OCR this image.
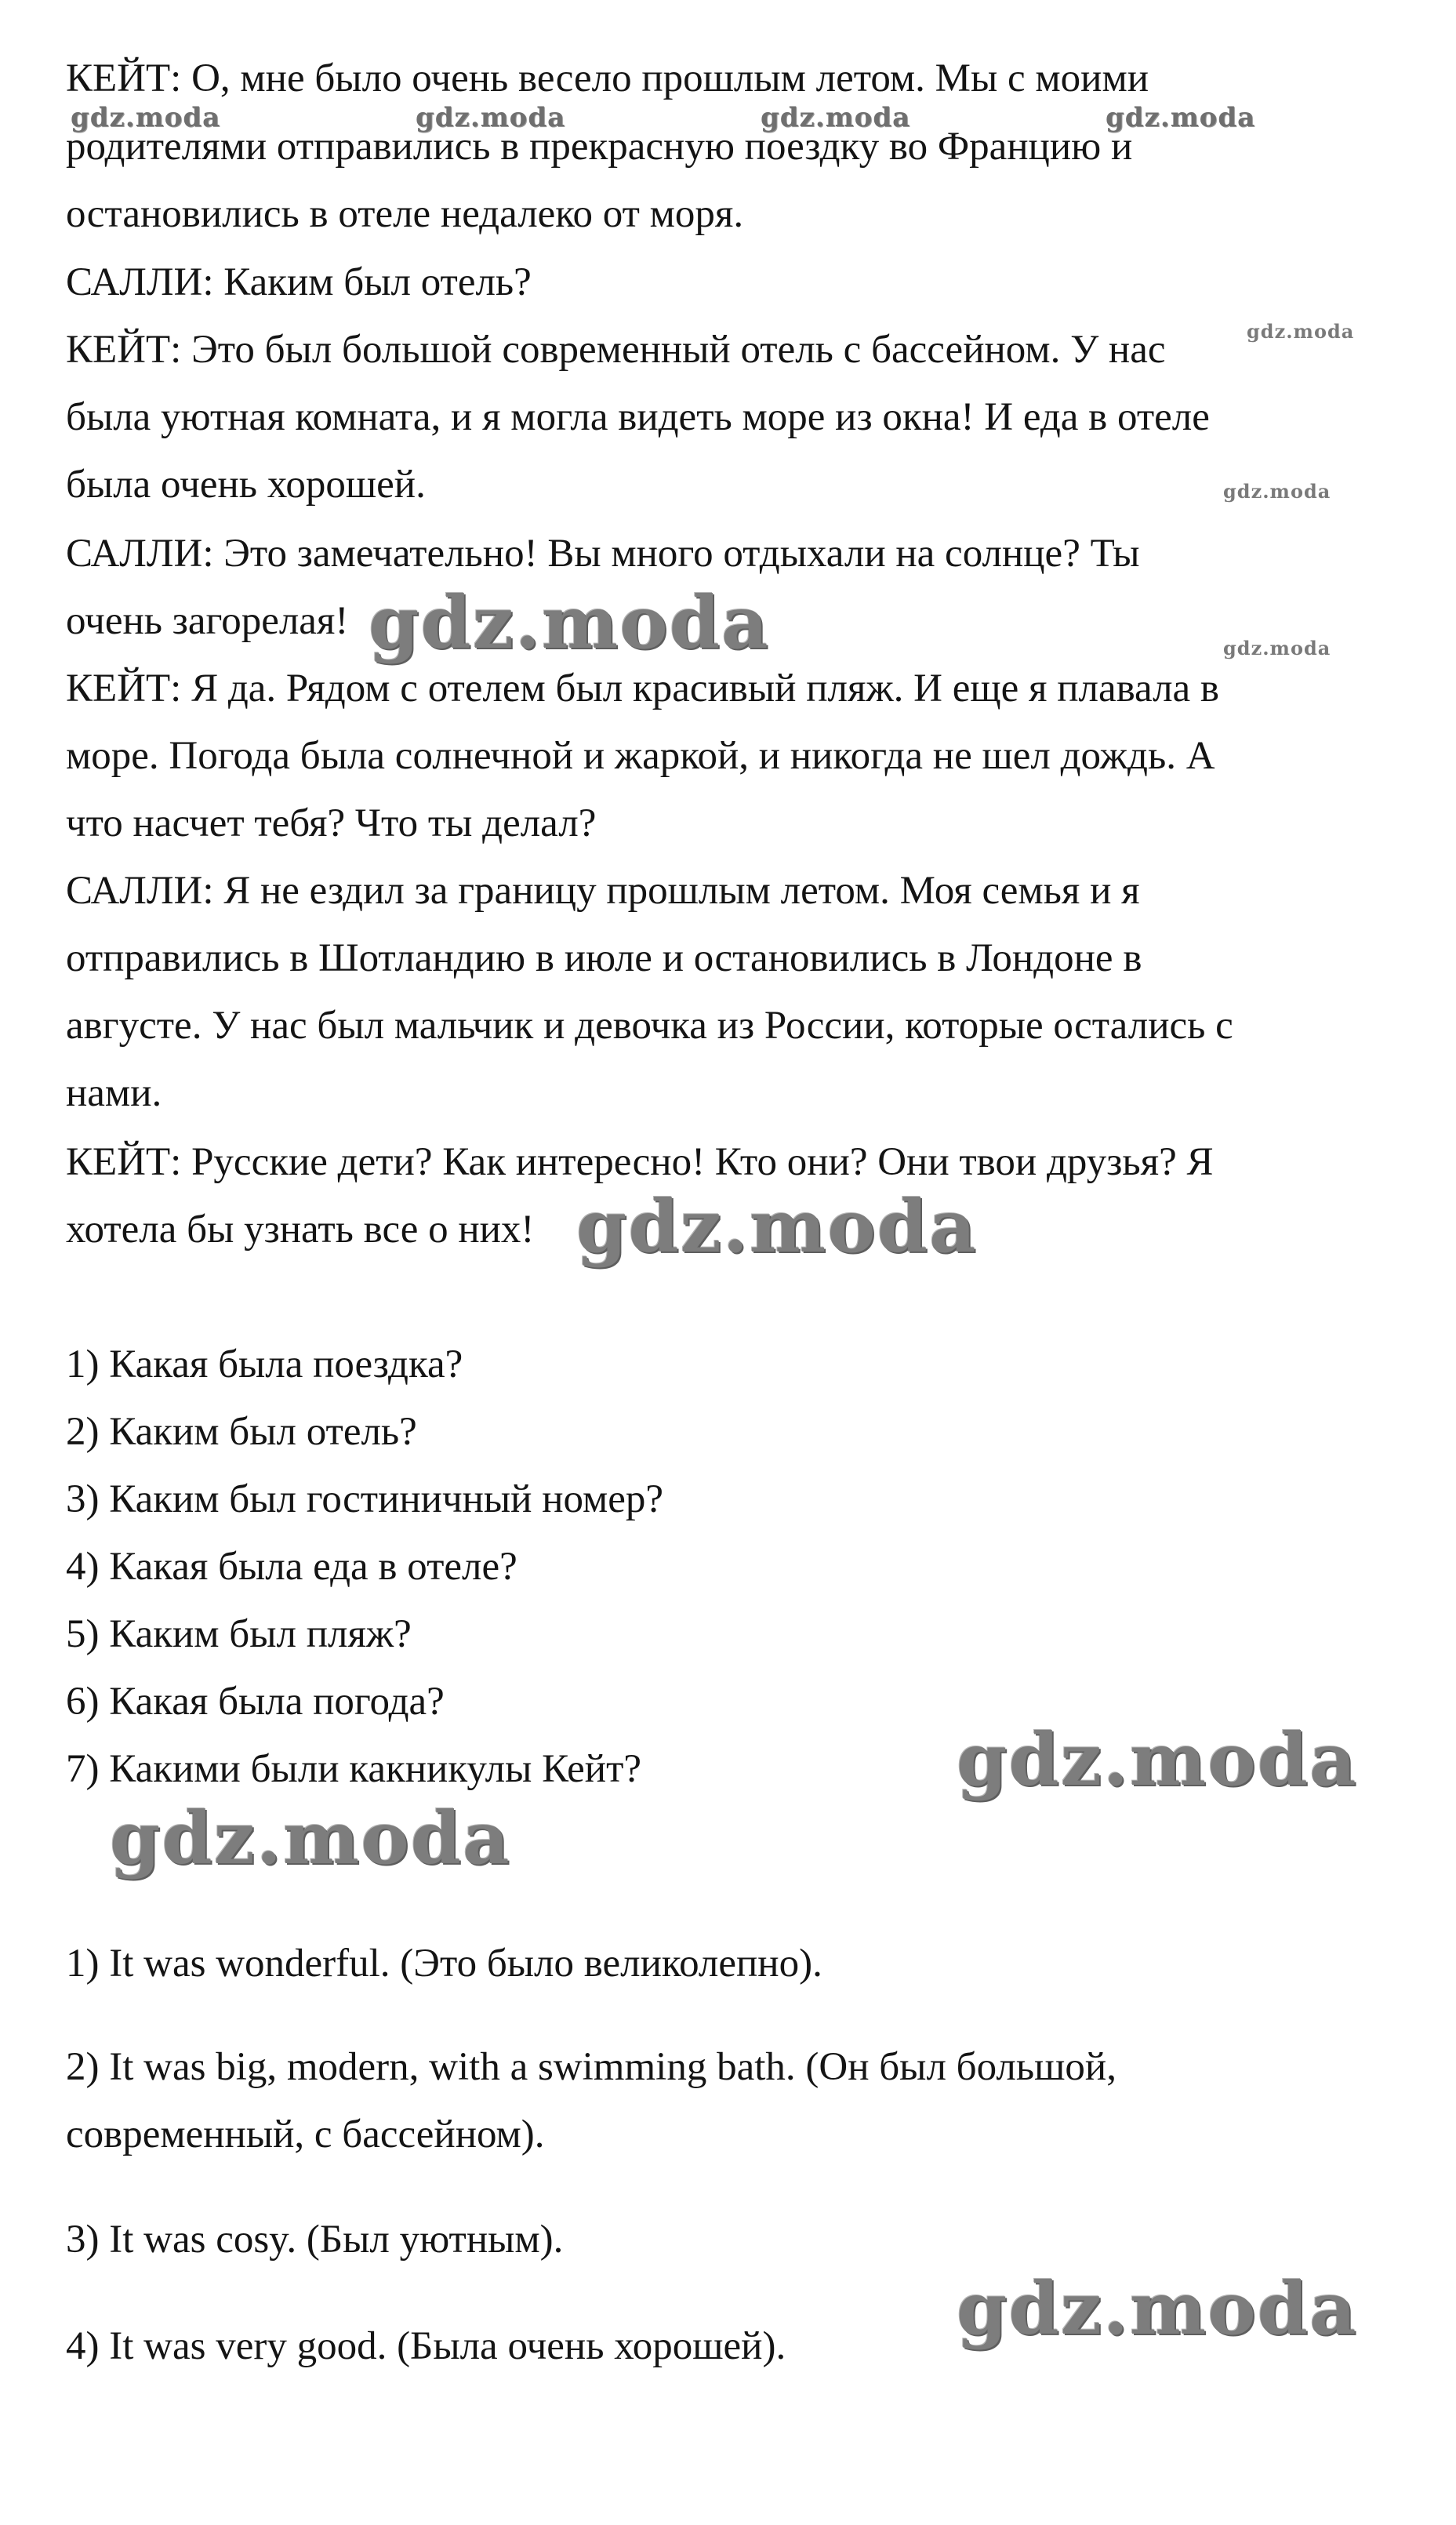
КЕЙТ: О, мне было очень весело прошлым летом. Мы с моими
родителями отправились в прекрасную поездку во Францию и
остановились в отеле недалеко от моря.
САЛЛИ: Каким был отель?
КЕЙТ: Это был большой современный отель с бассейном. У нас
была уютная комната, и я могла видеть море из окна! И еда в отеле
была очень хорошей.
САЛЛИ: Это замечательно! Вы много отдыхали на солнце? Ты
очень загорелая!
КЕЙТ: Я да. Рядом с отелем был красивый пляж. И еще я плавала в
море. Погода была солнечной и жаркой, и никогда не шел дождь. А
что насчет тебя? Что ты делал?
САЛЛИ: Я не ездил за границу прошлым летом. Моя семья и я
отправились в Шотландию в июле и остановились в Лондоне в
августе. У нас был мальчик и девочка из России, которые остались с
нами.
КЕЙТ: Русские дети? Как интересно! Кто они? Они твои друзья? Я
хотела бы узнать все о них!
1) Какая была поездка?
2) Каким был отель?
3) Каким был гостиничный номер?
4) Какая была еда в отеле?
5) Каким был пляж?
6) Какая была погода?
7) Какими были какникулы Кейт?
1) It was wonderful. (Это было великолепно).
2) It was big, modern, with a swimming bath. (Он был большой,
современный, с бассейном).
3) It was cosy. (Был уютным).
4) It was very good. (Была очень хорошей).
gdz.moda	gdz.moda	gdz.moda	gdz.moda
gdz.moda
gdz.moda
gdz.moda
gdz.moda
gdz.moda
gdz.moda
gdz.moda
gdz.moda
